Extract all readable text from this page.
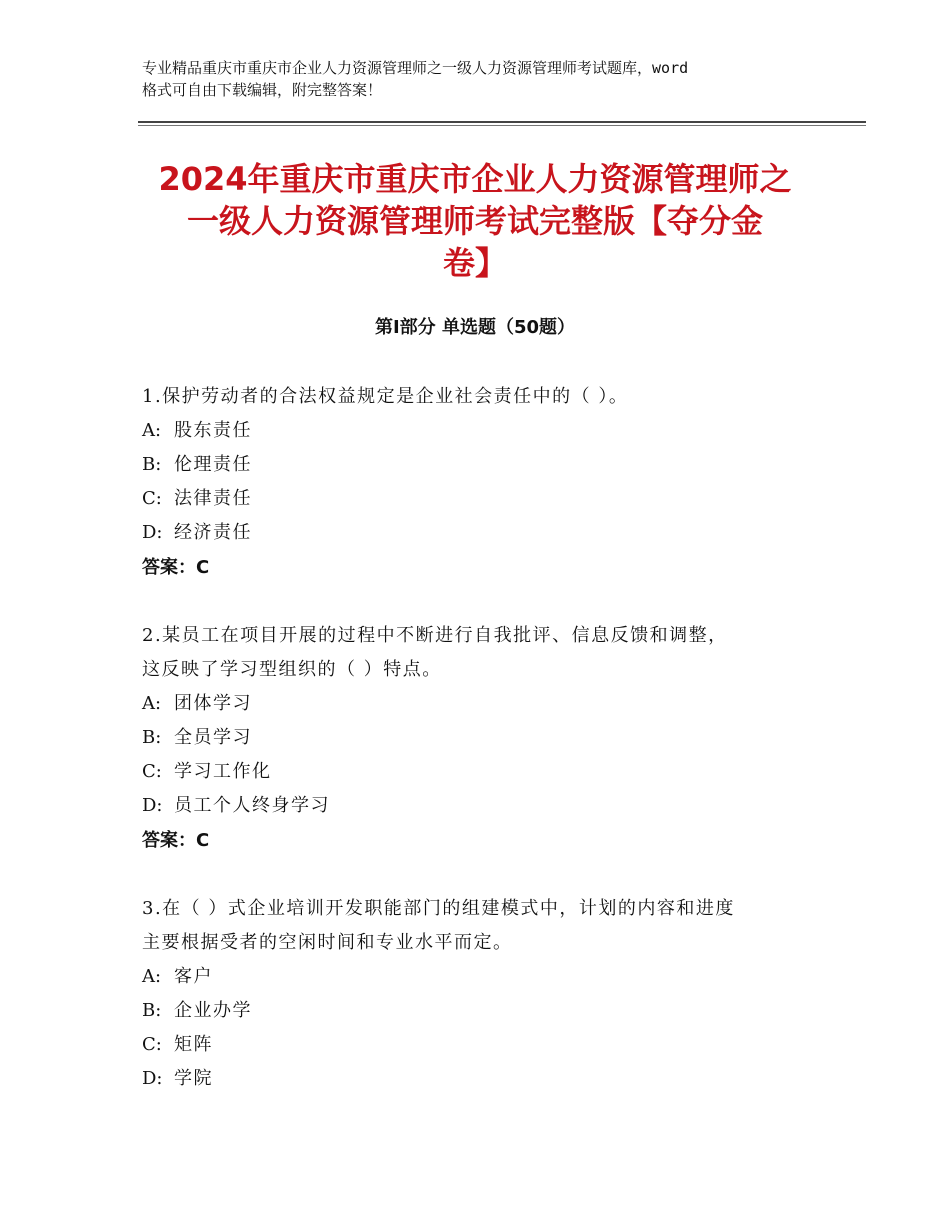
专业精品重庆市重庆市企业人力资源管理师之一级人力资源管理师考试题库，word
格式可自由下载编辑，附完整答案！
2024年重庆市重庆市企业人力资源管理师之
一级人力资源管理师考试完整版【夺分金
卷】
第Ⅰ部分 单选题（50题）
1.保护劳动者的合法权益规定是企业社会责任中的（ ）。
A: 股东责任
B: 伦理责任
C: 法律责任
D: 经济责任
答案：C
2.某员工在项目开展的过程中不断进行自我批评、信息反馈和调整，
这反映了学习型组织的（ ）特点。
A: 团体学习
B: 全员学习
C: 学习工作化
D: 员工个人终身学习
答案：C
3.在（ ）式企业培训开发职能部门的组建模式中，计划的内容和进度
主要根据受者的空闲时间和专业水平而定。
A: 客户
B: 企业办学
C: 矩阵
D: 学院
